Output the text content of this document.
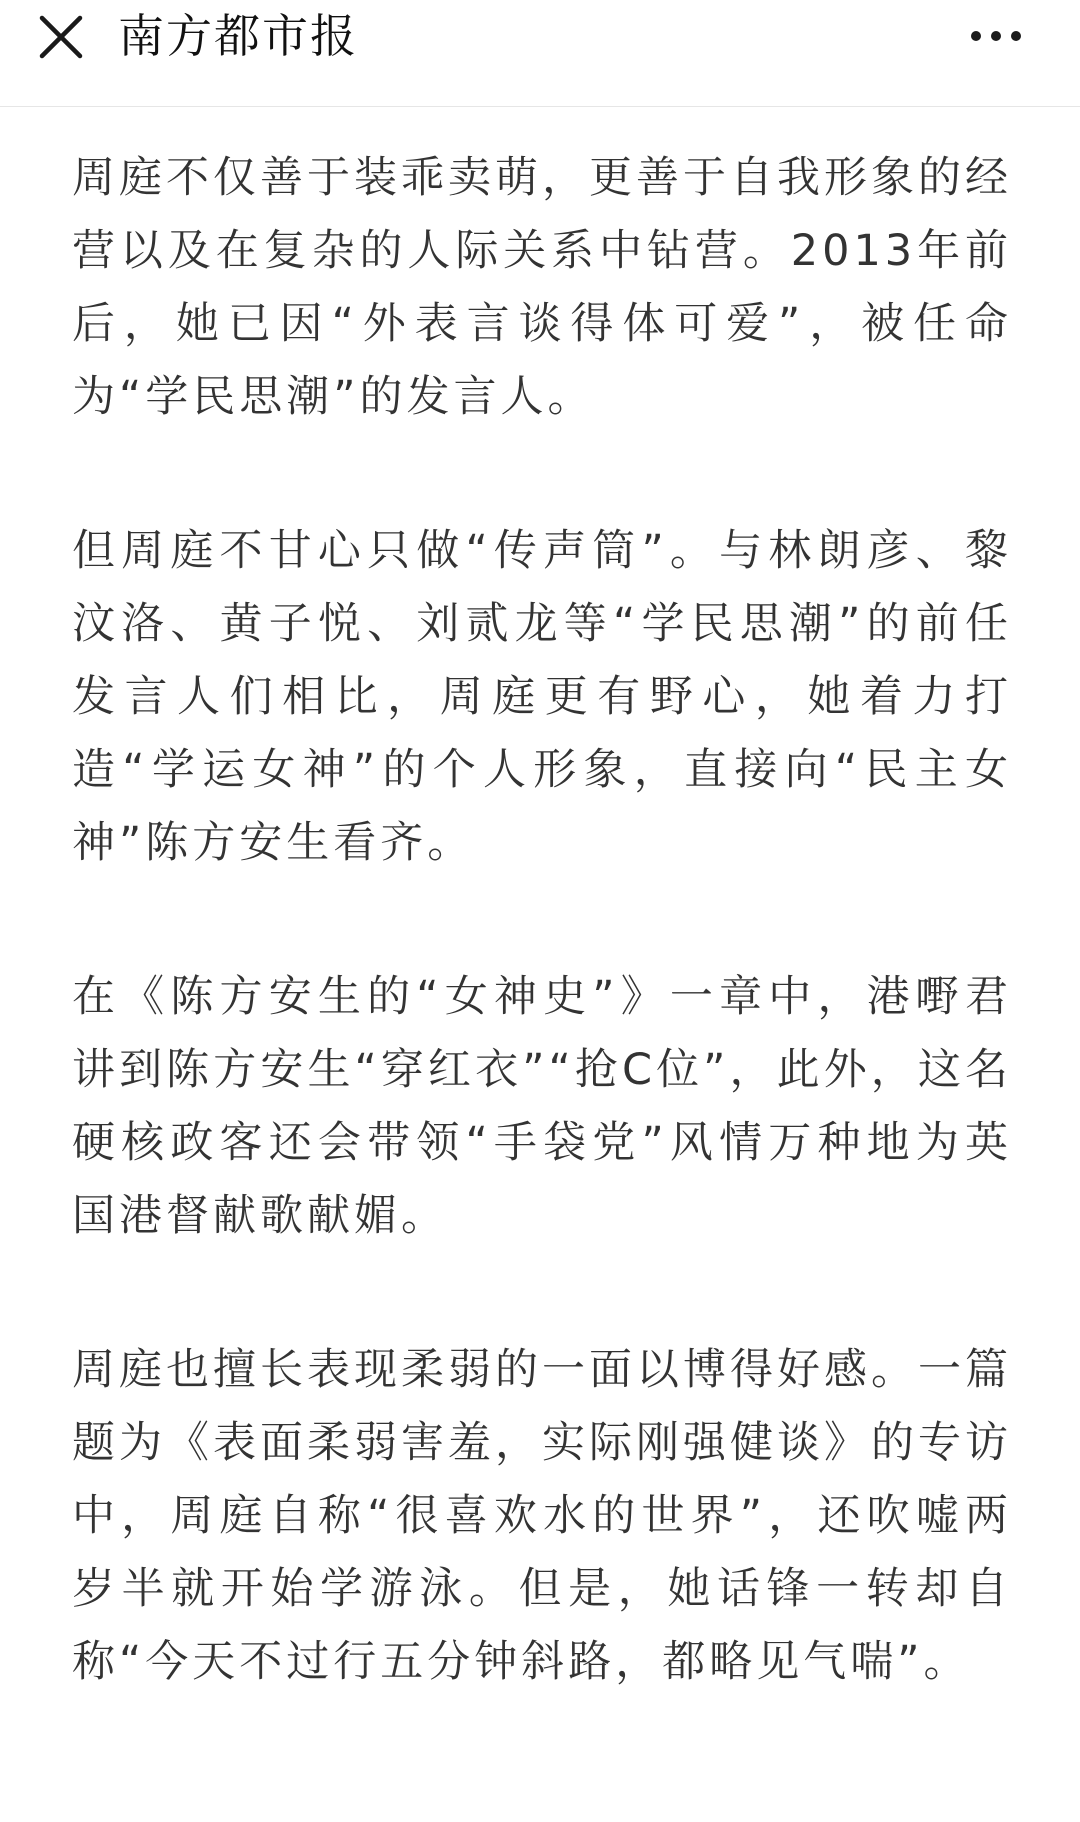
南方都市报

周庭不仅善于装乖卖萌，更善于自我形象的经营以及在复杂的人际关系中钻营。2013年前后，她已因“外表言谈得体可爱”，被任命为“学民思潮”的发言人。

但周庭不甘心只做“传声筒”。与林朗彦、黎汶洛、黄子悦、刘贰龙等“学民思潮”的前任发言人们相比，周庭更有野心，她着力打造“学运女神”的个人形象，直接向“民主女神”陈方安生看齐。

在《陈方安生的“女神史”》一章中，港嘢君讲到陈方安生“穿红衣”“抢C位”，此外，这名硬核政客还会带领“手袋党”风情万种地为英国港督献歌献媚。

周庭也擅长表现柔弱的一面以博得好感。一篇题为《表面柔弱害羞，实际刚强健谈》的专访中，周庭自称“很喜欢水的世界”，还吹嘘两岁半就开始学游泳。但是，她话锋一转却自称“今天不过行五分钟斜路，都略见气喘”。
